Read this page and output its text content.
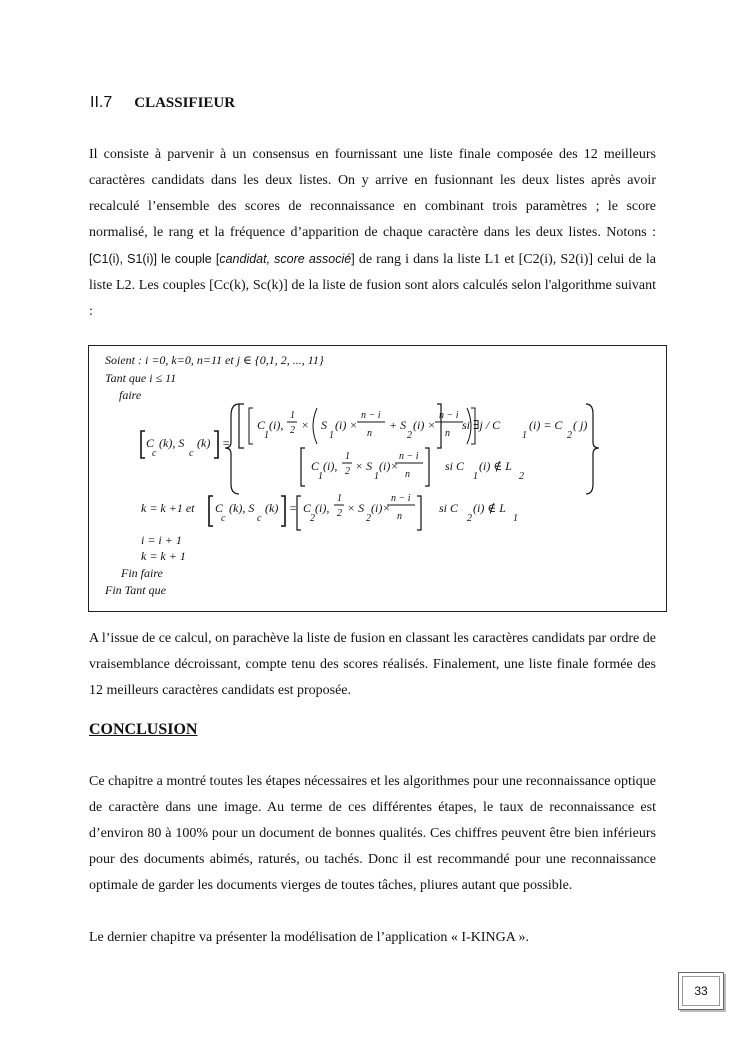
II.7 CLASSIFIEUR
Il consiste à parvenir à un consensus en fournissant une liste finale composée des 12 meilleurs caractères candidats dans les deux listes. On y arrive en fusionnant les deux listes après avoir recalculé l’ensemble des scores de reconnaissance en combinant trois paramètres ; le score normalisé, le rang et la fréquence d’apparition de chaque caractère dans les deux listes. Notons : [C1(i), S1(i)] le couple [candidat, score associé] de rang i dans la liste L1 et [C2(i), S2(i)] celui de la liste L2. Les couples [Cc(k), Sc(k)] de la liste de fusion sont alors calculés selon l'algorithme suivant :
Soient : i =0, k=0, n=11 et j ∈ {0,1, 2, ..., 11}
Tant que i ≤ 11
faire
C
c
(k), S
c
(k) =
C
1
(i),
1
2 × S
1
(i) ×
n − i
n
+ S
2
(i) ×
n − i
n
si ∃j / C
1
(i) = C
2
( j)
C
1
(i),
1
2 × S
1
(i)×
n − i
n
si C
1
(i) ∉ L
2
k = k +1 et C
c
(k), S
c
(k) = C
2
(i),
1
2 × S
2
(i)×
n − i
n
si C
2
(i) ∉ L
1
i = i + 1
k = k + 1
Fin faire
Fin Tant que
A l’issue de ce calcul, on parachève la liste de fusion en classant les caractères candidats par ordre de vraisemblance décroissant, compte tenu des scores réalisés. Finalement, une liste finale formée des 12 meilleurs caractères candidats est proposée.
CONCLUSION
Ce chapitre a montré toutes les étapes nécessaires et les algorithmes pour une reconnaissance optique de caractère dans une image. Au terme de ces différentes étapes, le taux de reconnaissance est d’environ 80 à 100% pour un document de bonnes qualités. Ces chiffres peuvent être bien inférieurs pour des documents abimés, raturés, ou tachés. Donc il est recommandé pour une reconnaissance optimale de garder les documents vierges de toutes tâches, pliures autant que possible.
Le dernier chapitre va présenter la modélisation de l’application « I-KINGA ».
33
